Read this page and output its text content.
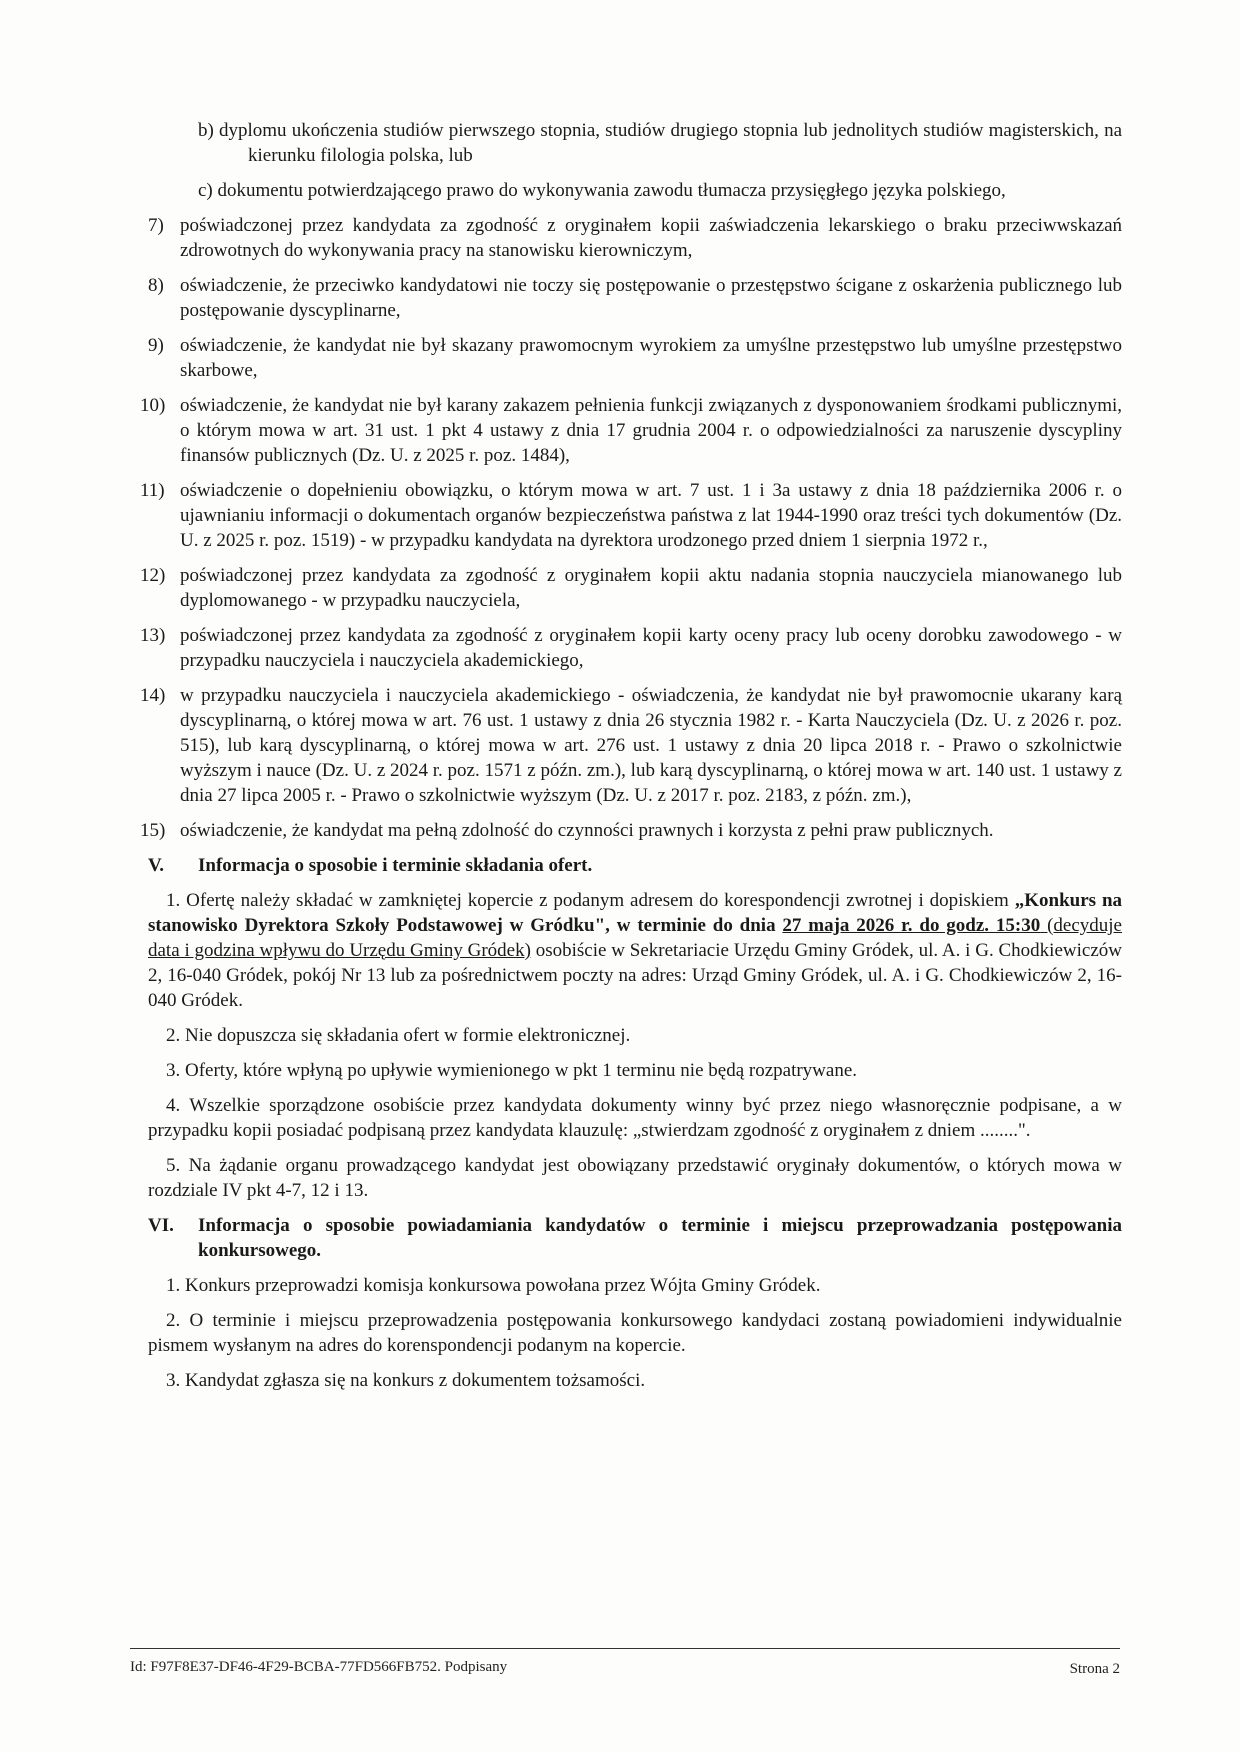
b) dyplomu ukończenia studiów pierwszego stopnia, studiów drugiego stopnia lub jednolitych studiów magisterskich, na kierunku filologia polska, lub
c) dokumentu potwierdzającego prawo do wykonywania zawodu tłumacza przysięgłego języka polskiego,
7) poświadczonej przez kandydata za zgodność z oryginałem kopii zaświadczenia lekarskiego o braku przeciwwskazań zdrowotnych do wykonywania pracy na stanowisku kierowniczym,
8) oświadczenie, że przeciwko kandydatowi nie toczy się postępowanie o przestępstwo ścigane z oskarżenia publicznego lub postępowanie dyscyplinarne,
9) oświadczenie, że kandydat nie był skazany prawomocnym wyrokiem za umyślne przestępstwo lub umyślne przestępstwo skarbowe,
10) oświadczenie, że kandydat nie był karany zakazem pełnienia funkcji związanych z dysponowaniem środkami publicznymi, o którym mowa w art. 31 ust. 1 pkt 4 ustawy z dnia 17 grudnia 2004 r. o odpowiedzialności za naruszenie dyscypliny finansów publicznych (Dz. U. z 2025 r. poz. 1484),
11) oświadczenie o dopełnieniu obowiązku, o którym mowa w art. 7 ust. 1 i 3a ustawy z dnia 18 października 2006 r. o ujawnianiu informacji o dokumentach organów bezpieczeństwa państwa z lat 1944-1990 oraz treści tych dokumentów (Dz. U. z 2025 r. poz. 1519) - w przypadku kandydata na dyrektora urodzonego przed dniem 1 sierpnia 1972 r.,
12) poświadczonej przez kandydata za zgodność z oryginałem kopii aktu nadania stopnia nauczyciela mianowanego lub dyplomowanego - w przypadku nauczyciela,
13) poświadczonej przez kandydata za zgodność z oryginałem kopii karty oceny pracy lub oceny dorobku zawodowego - w przypadku nauczyciela i nauczyciela akademickiego,
14) w przypadku nauczyciela i nauczyciela akademickiego - oświadczenia, że kandydat nie był prawomocnie ukarany karą dyscyplinarną, o której mowa w art. 76 ust. 1 ustawy z dnia 26 stycznia 1982 r. - Karta Nauczyciela (Dz. U. z 2026 r. poz. 515), lub karą dyscyplinarną, o której mowa w art. 276 ust. 1 ustawy z dnia 20 lipca 2018 r. - Prawo o szkolnictwie wyższym i nauce (Dz. U. z 2024 r. poz. 1571 z późn. zm.), lub karą dyscyplinarną, o której mowa w art. 140 ust. 1 ustawy z dnia 27 lipca 2005 r. - Prawo o szkolnictwie wyższym (Dz. U. z 2017 r. poz. 2183, z późn. zm.),
15) oświadczenie, że kandydat ma pełną zdolność do czynności prawnych i korzysta z pełni praw publicznych.
V.	Informacja o sposobie i terminie składania ofert.
1. Ofertę należy składać w zamkniętej kopercie z podanym adresem do korespondencji zwrotnej i dopiskiem „Konkurs na stanowisko Dyrektora Szkoły Podstawowej w Gródku", w terminie do dnia 27 maja 2026 r. do godz. 15:30 (decyduje data i godzina wpływu do Urzędu Gminy Gródek) osobiście w Sekretariacie Urzędu Gminy Gródek, ul. A. i G. Chodkiewiczów 2, 16-040 Gródek, pokój Nr 13 lub za pośrednictwem poczty na adres: Urząd Gminy Gródek, ul. A. i G. Chodkiewiczów 2, 16-040 Gródek.
2. Nie dopuszcza się składania ofert w formie elektronicznej.
3. Oferty, które wpłyną po upływie wymienionego w pkt 1 terminu nie będą rozpatrywane.
4. Wszelkie sporządzone osobiście przez kandydata dokumenty winny być przez niego własnoręcznie podpisane, a w przypadku kopii posiadać podpisaną przez kandydata klauzulę: „stwierdzam zgodność z oryginałem z dniem ........".
5. Na żądanie organu prowadzącego kandydat jest obowiązany przedstawić oryginały dokumentów, o których mowa w rozdziale IV pkt 4-7, 12 i 13.
VI.	Informacja o sposobie powiadamiania kandydatów o terminie i miejscu przeprowadzania postępowania konkursowego.
1. Konkurs przeprowadzi komisja konkursowa powołana przez Wójta Gminy Gródek.
2. O terminie i miejscu przeprowadzenia postępowania konkursowego kandydaci zostaną powiadomieni indywidualnie pismem wysłanym na adres do korenspondencji podanym na kopercie.
3. Kandydat zgłasza się na konkurs z dokumentem tożsamości.
Id: F97F8E37-DF46-4F29-BCBA-77FD566FB752. Podpisany	Strona 2
